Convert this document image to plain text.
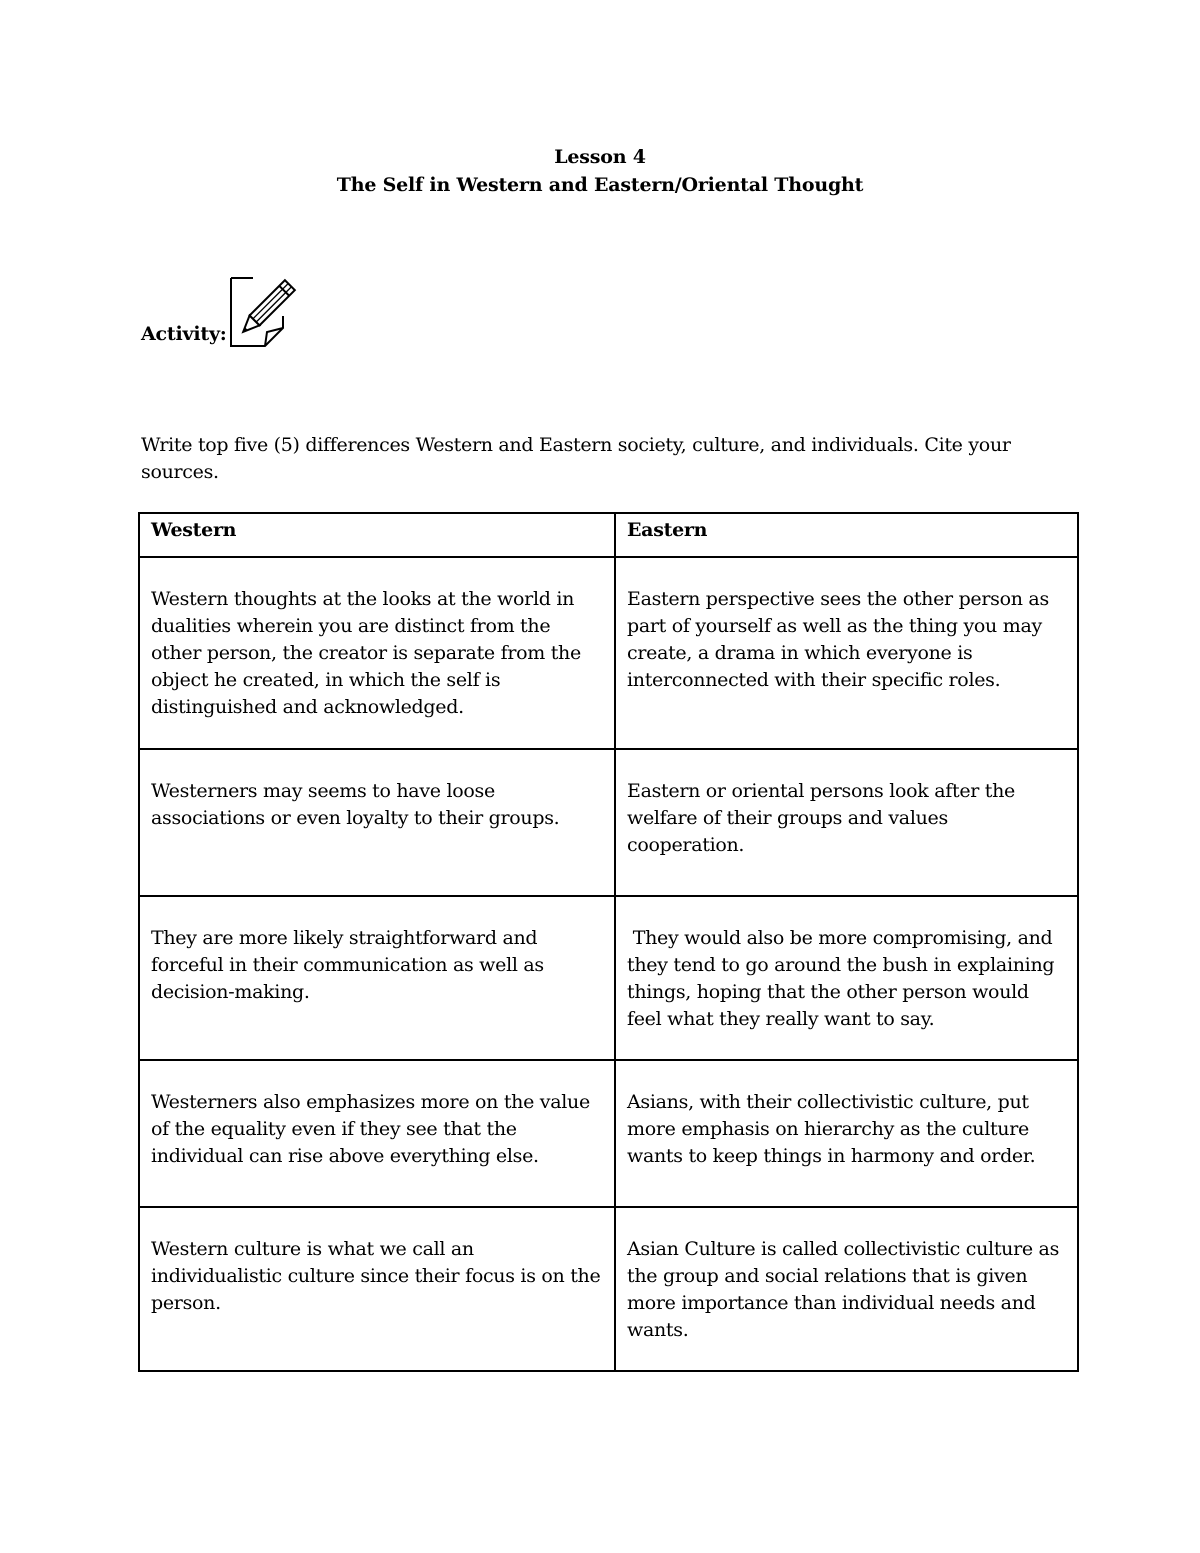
Lesson 4
The Self in Western and Eastern/Oriental Thought
Activity:
Write top five (5) differences Western and Eastern society, culture, and individuals. Cite your sources.
Western	Eastern
Western thoughts at the looks at the world in dualities wherein you are distinct from the other person, the creator is separate from the object he created, in which the self is distinguished and acknowledged.	Eastern perspective sees the other person as part of yourself as well as the thing you may create, a drama in which everyone is interconnected with their specific roles.
Westerners may seems to have loose associations or even loyalty to their groups.	Eastern or oriental persons look after the welfare of their groups and values cooperation.
They are more likely straightforward and forceful in their communication as well as decision-making.	They would also be more compromising, and they tend to go around the bush in explaining things, hoping that the other person would feel what they really want to say.
Westerners also emphasizes more on the value of the equality even if they see that the individual can rise above everything else.	Asians, with their collectivistic culture, put more emphasis on hierarchy as the culture wants to keep things in harmony and order.
Western culture is what we call an individualistic culture since their focus is on the person.	Asian Culture is called collectivistic culture as the group and social relations that is given more importance than individual needs and wants.
